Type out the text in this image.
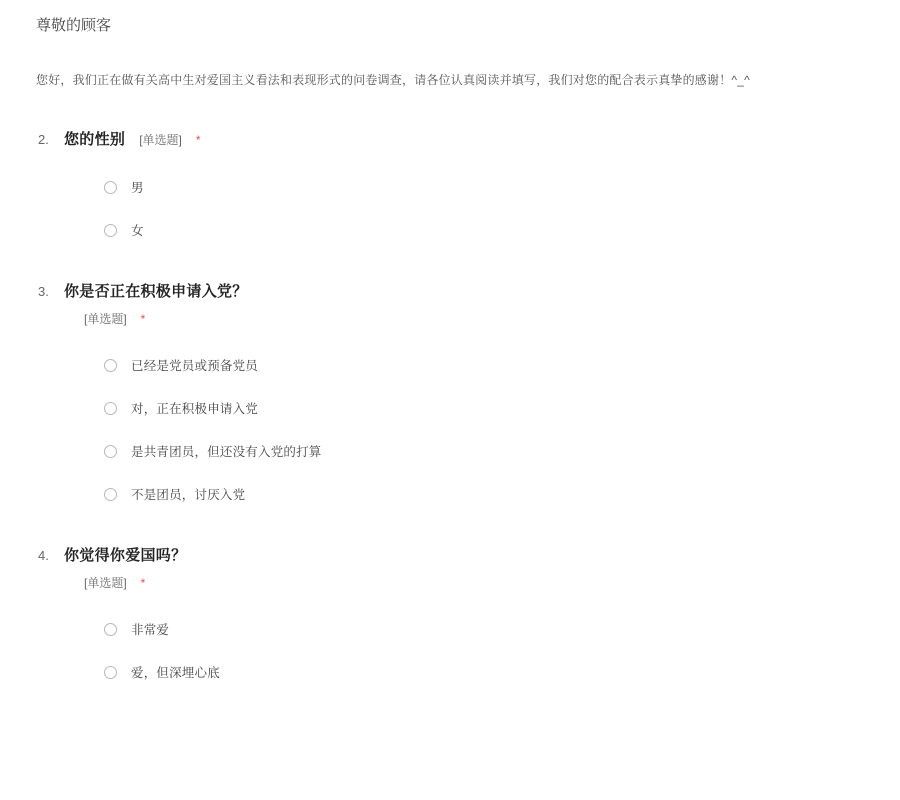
尊敬的顾客
您好，我们正在做有关高中生对爱国主义看法和表现形式的问卷调查，请各位认真阅读并填写，我们对您的配合表示真挚的感谢！^_^
2.	您的性别 [单选题] *
男
女
3.	你是否正在积极申请入党？
[单选题] *
已经是党员或预备党员
对，正在积极申请入党
是共青团员，但还没有入党的打算
不是团员，讨厌入党
4.	你觉得你爱国吗？
[单选题] *
非常爱
爱，但深埋心底
